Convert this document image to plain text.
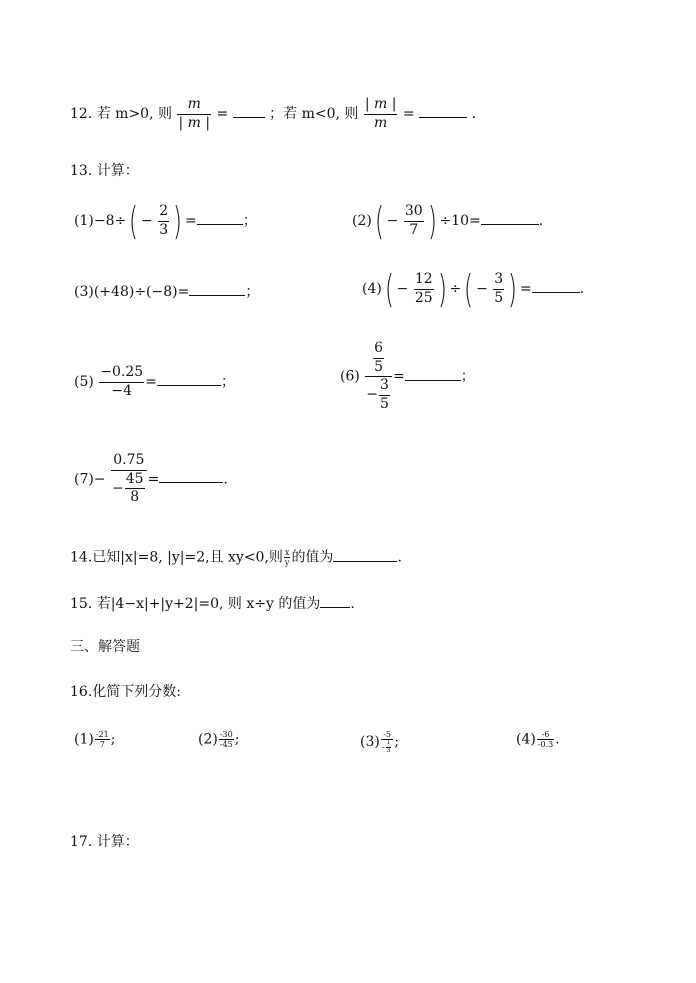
12. 若 m>0, 则 $\frac{m}{| m |}$ =	；若 m<0, 则 $\frac{| m |}{m}$ =	.
13. 计算：
$(1)-8\div( - \frac{2}{3}$ ) =	；	$(2)( - \frac{30}{7}$ ) ÷10=	.
(3)(+48)÷(−8)=	；	$(4)( - \frac{12}{25}$ ) ÷( − $\frac{3}{5}$ ) =	.
$(5) \frac{-0.25}{-4}$ =	；	$(6) \frac{\frac{6}{5}}{- \frac{3}{5}}$ =	；
$(7)- \frac{0.75}{- \frac{45}{8}}$ =	.
14.已知|x|=8, |y|=2,且 xy<0,则 $\frac{x}{y}$ 的值为	.
15. 若|4−x|+|y+2|=0, 则 x÷y 的值为 .
三、解答题
16.化简下列分数:
$(1) \frac{-21}{7}$ ;	$(2) \frac{-30}{-45}$ ;	$(3) \frac{-5}{- \frac{1}{3}}$ ;	$(4) \frac{-6}{-0.3}$ .
17. 计算：
